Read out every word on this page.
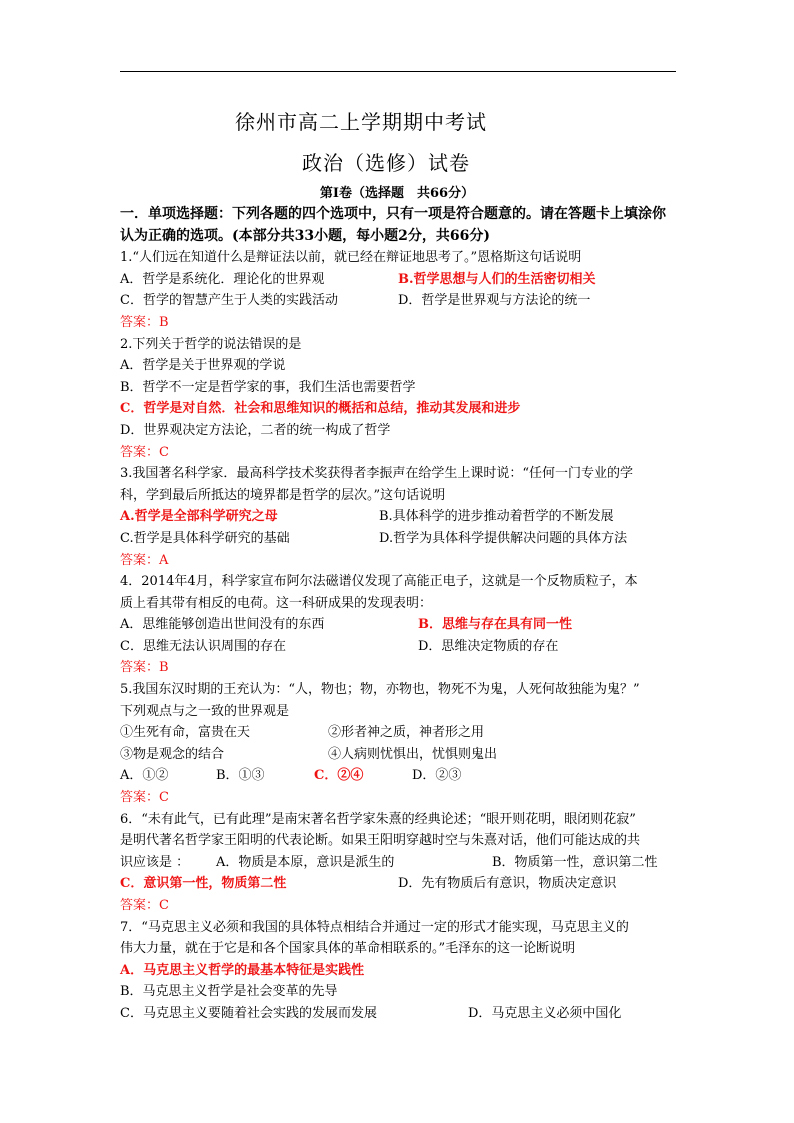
徐州市高二上学期期中考试
政治（选修）试卷
第Ⅰ卷（选择题　共66分）
一．单项选择题：下列各题的四个选项中，只有一项是符合题意的。请在答题卡上填涂你
认为正确的选项。(本部分共33小题，每小题2分，共66分)
1.“人们远在知道什么是辩证法以前，就已经在辩证地思考了。”恩格斯这句话说明
A．哲学是系统化．理论化的世界观	B.哲学思想与人们的生活密切相关
C．哲学的智慧产生于人类的实践活动	D．哲学是世界观与方法论的统一
答案：B
2.下列关于哲学的说法错误的是
A．哲学是关于世界观的学说
B．哲学不一定是哲学家的事，我们生活也需要哲学
C．哲学是对自然．社会和思维知识的概括和总结，推动其发展和进步
D．世界观决定方法论，二者的统一构成了哲学
答案：C
3.我国著名科学家．最高科学技术奖获得者李振声在给学生上课时说：“任何一门专业的学
科，学到最后所抵达的境界都是哲学的层次。”这句话说明
A.哲学是全部科学研究之母	B.具体科学的进步推动着哲学的不断发展
C.哲学是具体科学研究的基础	D.哲学为具体科学提供解决问题的具体方法
答案：A
4．2014年4月，科学家宣布阿尔法磁谱仪发现了高能正电子，这就是一个反物质粒子，本
质上看其带有相反的电荷。这一科研成果的发现表明：
A．思维能够创造出世间没有的东西	B．思维与存在具有同一性
C．思维无法认识周围的存在	D．思维决定物质的存在
答案：B
5.我国东汉时期的王充认为：“人，物也；物，亦物也，物死不为鬼，人死何故独能为鬼？”
下列观点与之一致的世界观是
①生死有命，富贵在天	②形者神之质，神者形之用
③物是观念的结合	④人病则忧惧出，忧惧则鬼出
A．①②	B．①③	C．②④	D．②③
答案：C
6．“未有此气，已有此理”是南宋著名哲学家朱熹的经典论述；“眼开则花明，眼闭则花寂”
是明代著名哲学家王阳明的代表论断。如果王阳明穿越时空与朱熹对话，他们可能达成的共
识应该是 ： A．物质是本原，意识是派生的	B．物质第一性，意识第二性
C．意识第一性，物质第二性	D．先有物质后有意识，物质决定意识
答案：C
7．“马克思主义必须和我国的具体特点相结合并通过一定的形式才能实现，马克思主义的
伟大力量，就在于它是和各个国家具体的革命相联系的。”毛泽东的这一论断说明
A．马克思主义哲学的最基本特征是实践性
B．马克思主义哲学是社会变革的先导
C．马克思主义要随着社会实践的发展而发展	D．马克思主义必须中国化
